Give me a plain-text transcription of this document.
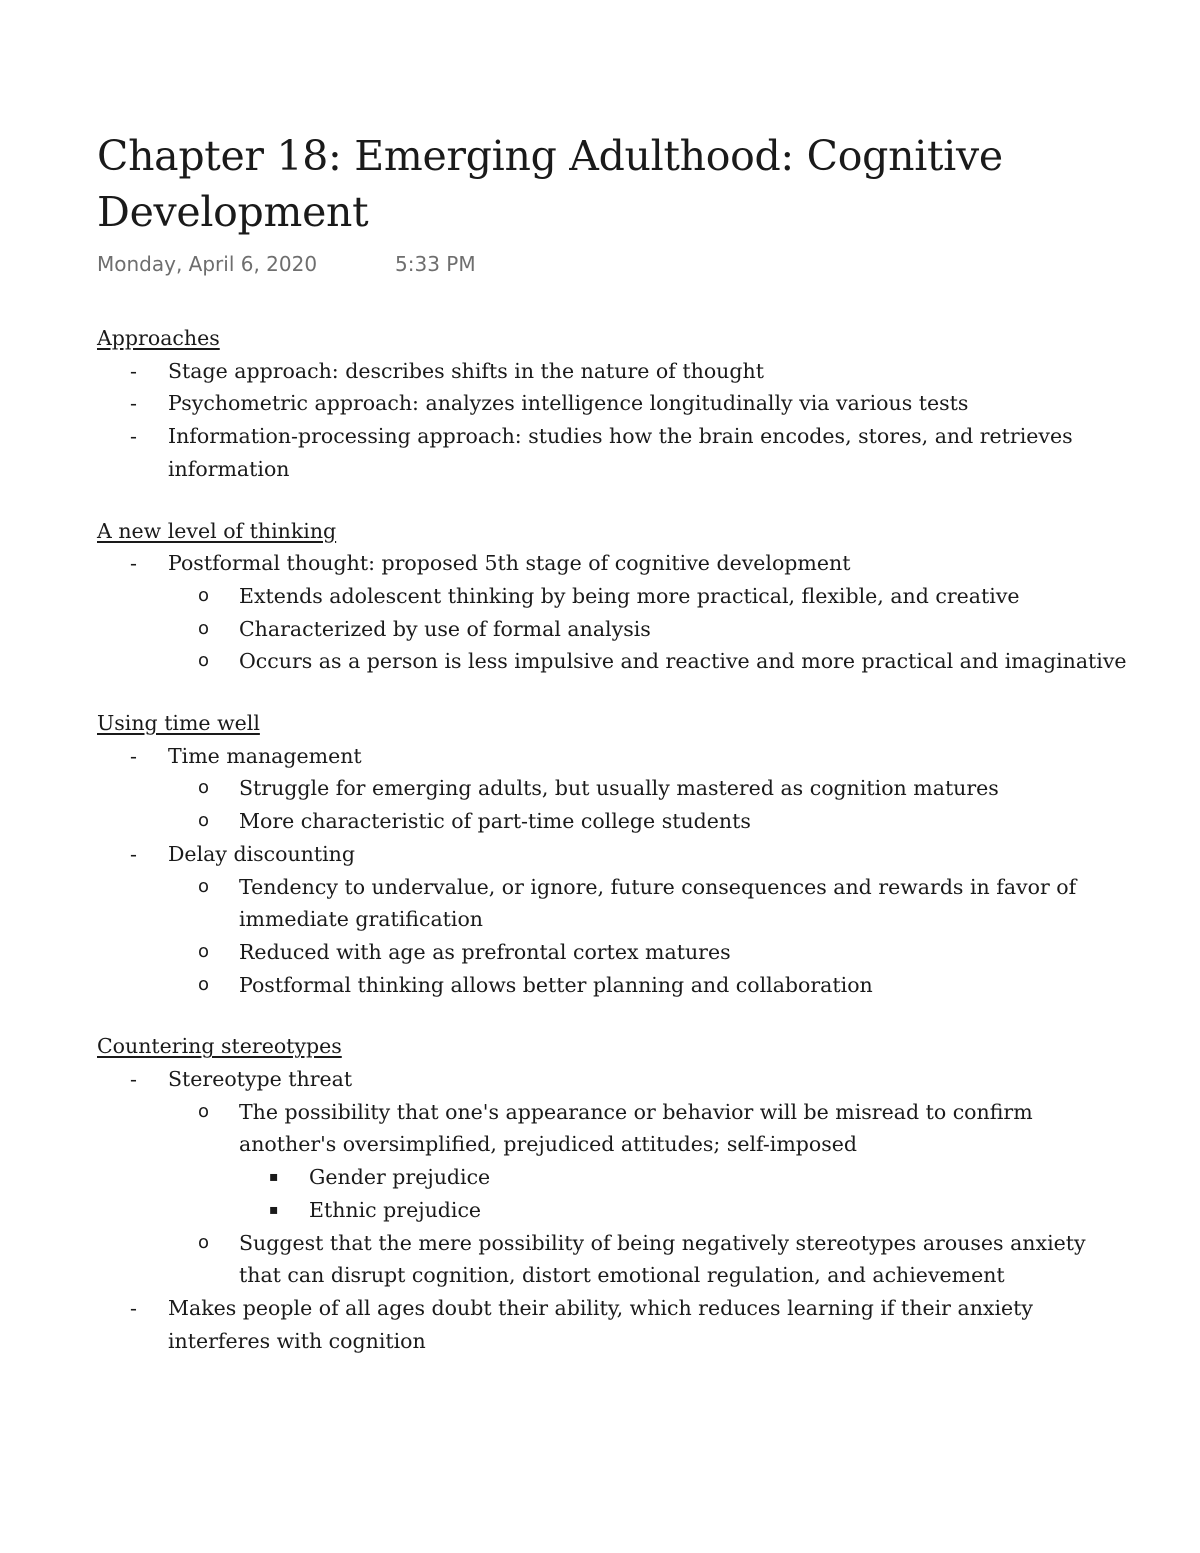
Chapter 18: Emerging Adulthood: Cognitive Development
Monday, April 6, 2020	5:33 PM
Approaches
- Stage approach: describes shifts in the nature of thought
- Psychometric approach: analyzes intelligence longitudinally via various tests
- Information-processing approach: studies how the brain encodes, stores, and retrieves information
A new level of thinking
- Postformal thought: proposed 5th stage of cognitive development
o Extends adolescent thinking by being more practical, flexible, and creative
o Characterized by use of formal analysis
o Occurs as a person is less impulsive and reactive and more practical and imaginative
Using time well
- Time management
o Struggle for emerging adults, but usually mastered as cognition matures
o More characteristic of part-time college students
- Delay discounting
o Tendency to undervalue, or ignore, future consequences and rewards in favor of immediate gratification
o Reduced with age as prefrontal cortex matures
o Postformal thinking allows better planning and collaboration
Countering stereotypes
- Stereotype threat
o The possibility that one's appearance or behavior will be misread to confirm another's oversimplified, prejudiced attitudes; self-imposed
▪ Gender prejudice
▪ Ethnic prejudice
o Suggest that the mere possibility of being negatively stereotypes arouses anxiety that can disrupt cognition, distort emotional regulation, and achievement
- Makes people of all ages doubt their ability, which reduces learning if their anxiety interferes with cognition
